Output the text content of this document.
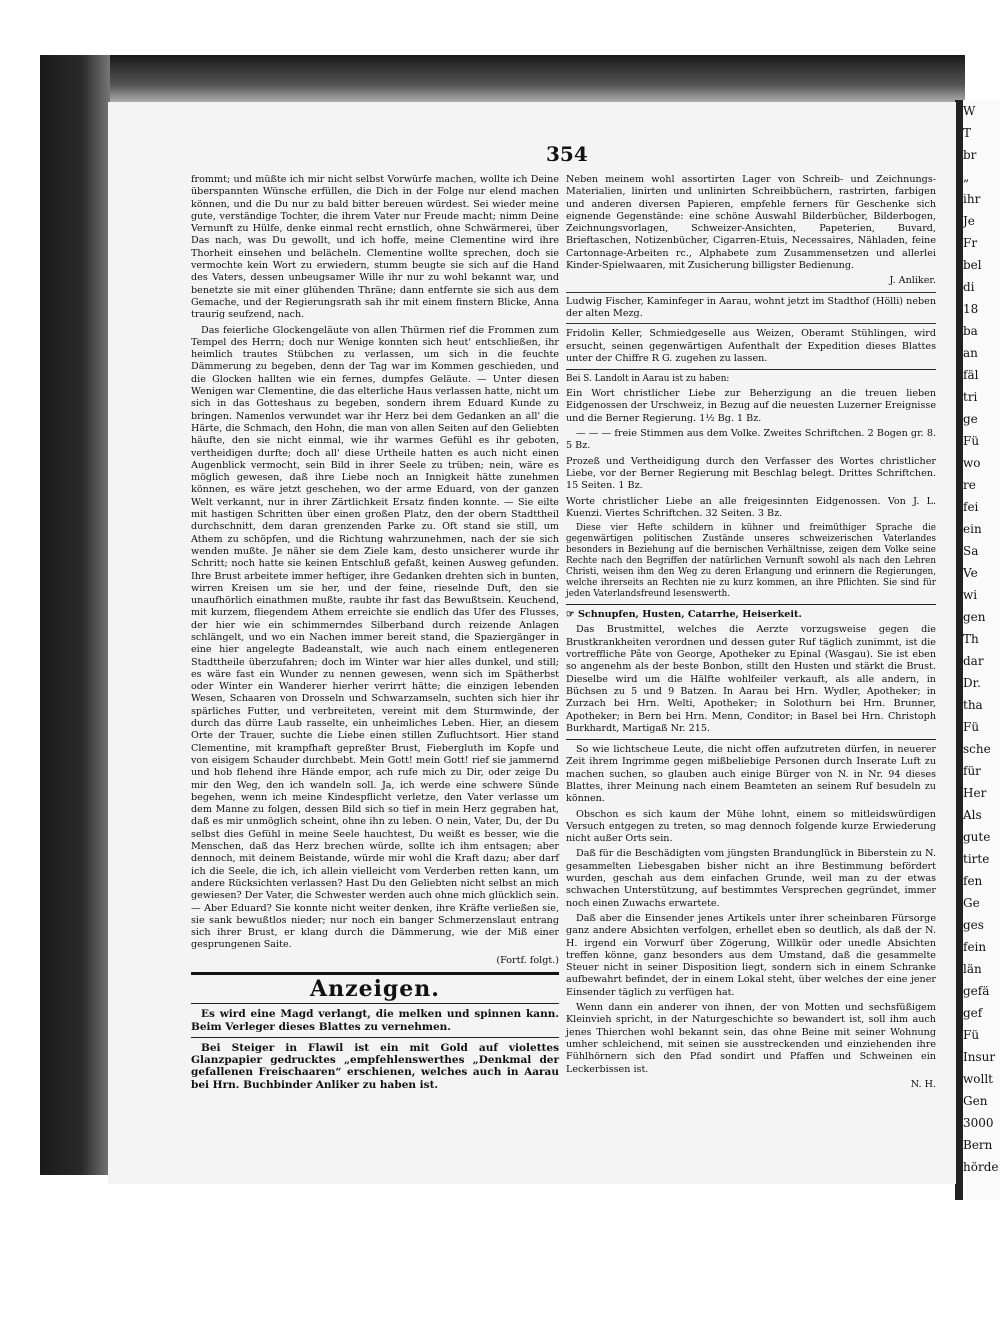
354

frommt; und müßte ich mir nicht selbst Vorwürfe machen, wollte ich Deine überspannten Wünsche erfüllen, die Dich in der Folge nur elend machen können, und die Du nur zu bald bitter bereuen würdest. Sei wieder meine gute, verständige Tochter, die ihrem Vater nur Freude macht; nimm Deine Vernunft zu Hülfe, denke einmal recht ernstlich, ohne Schwärmerei, über Das nach, was Du gewollt, und ich hoffe, meine Clementine wird ihre Thorheit einsehen und belächeln. Clementine wollte sprechen, doch sie vermochte kein Wort zu erwiedern, stumm beugte sie sich auf die Hand des Vaters, dessen unbeugsamer Wille ihr nur zu wohl bekannt war, und benetzte sie mit einer glühenden Thräne; dann entfernte sie sich aus dem Gemache, und der Regierungsrath sah ihr mit einem finstern Blicke, Anna traurig seufzend, nach.

Das feierliche Glockengeläute von allen Thürmen rief die Frommen zum Tempel des Herrn; doch nur Wenige konnten sich heut' entschließen, ihr heimlich trautes Stübchen zu verlassen, um sich in die feuchte Dämmerung zu begeben, denn der Tag war im Kommen geschieden, und die Glocken hallten wie ein fernes, dumpfes Geläute. — Unter diesen Wenigen war Clementine, die das elterliche Haus verlassen hatte, nicht um sich in das Gotteshaus zu begeben, sondern ihrem Eduard Kunde zu bringen. Namenlos verwundet war ihr Herz bei dem Gedanken an all' die Härte, die Schmach, den Hohn, die man von allen Seiten auf den Geliebten häufte, den sie nicht einmal, wie ihr warmes Gefühl es ihr geboten, vertheidigen durfte; doch all' diese Urtheile hatten es auch nicht einen Augenblick vermocht, sein Bild in ihrer Seele zu trüben; nein, wäre es möglich gewesen, daß ihre Liebe noch an Innigkeit hätte zunehmen können, es wäre jetzt geschehen, wo der arme Eduard, von der ganzen Welt verkannt, nur in ihrer Zärtlichkeit Ersatz finden konnte. — Sie eilte mit hastigen Schritten über einen großen Platz, den der obern Stadttheil durchschnitt, dem daran grenzenden Parke zu. Oft stand sie still, um Athem zu schöpfen, und die Richtung wahrzunehmen, nach der sie sich wenden mußte. Je näher sie dem Ziele kam, desto unsicherer wurde ihr Schritt; noch hatte sie keinen Entschluß gefaßt, keinen Ausweg gefunden. Ihre Brust arbeitete immer heftiger, ihre Gedanken drehten sich in bunten, wirren Kreisen um sie her, und der feine, rieselnde Duft, den sie unaufhörlich einathmen mußte, raubte ihr fast das Bewußtsein. Keuchend, mit kurzem, fliegendem Athem erreichte sie endlich das Ufer des Flusses, der hier wie ein schimmerndes Silberband durch reizende Anlagen schlängelt, und wo ein Nachen immer bereit stand, die Spaziergänger in eine hier angelegte Badeanstalt, wie auch nach einem entlegeneren Stadttheile überzufahren; doch im Winter war hier alles dunkel, und still; es wäre fast ein Wunder zu nennen gewesen, wenn sich im Spätherbst oder Winter ein Wanderer hierher verirrt hätte; die einzigen lebenden Wesen, Schaaren von Drosseln und Schwarzamseln, suchten sich hier ihr spärliches Futter, und verbreiteten, vereint mit dem Sturmwinde, der durch das dürre Laub rasselte, ein unheimliches Leben. Hier, an diesem Orte der Trauer, suchte die Liebe einen stillen Zufluchtsort. Hier stand Clementine, mit krampfhaft gepreßter Brust, Fiebergluth im Kopfe und von eisigem Schauder durchbebt. Mein Gott! mein Gott! rief sie jammernd und hob flehend ihre Hände empor, ach rufe mich zu Dir, oder zeige Du mir den Weg, den ich wandeln soll. Ja, ich werde eine schwere Sünde begehen, wenn ich meine Kindespflicht verletze, den Vater verlasse um dem Manne zu folgen, dessen Bild sich so tief in mein Herz gegraben hat, daß es mir unmöglich scheint, ohne ihn zu leben. O nein, Vater, Du, der Du selbst dies Gefühl in meine Seele hauchtest, Du weißt es besser, wie die Menschen, daß das Herz brechen würde, sollte ich ihm entsagen; aber dennoch, mit deinem Beistande, würde mir wohl die Kraft dazu; aber darf ich die Seele, die ich, ich allein vielleicht vom Verderben retten kann, um andere Rücksichten verlassen? Hast Du den Geliebten nicht selbst an mich gewiesen? Der Vater, die Schwester werden auch ohne mich glücklich sein. — Aber Eduard? Sie konnte nicht weiter denken, ihre Kräfte verließen sie, sie sank bewußtlos nieder; nur noch ein banger Schmerzenslaut entrang sich ihrer Brust, er klang durch die Dämmerung, wie der Miß einer gesprungenen Saite.

(Fortf. folgt.)
Anzeigen.

Es wird eine Magd verlangt, die melken und spinnen kann. Beim Verleger dieses Blattes zu vernehmen.

Bei Steiger in Flawil ist ein mit Gold auf violettes Glanzpapier gedrucktes „empfehlenswerthes „Denkmal der gefallenen Freischaaren“ erschienen, welches auch in Aarau bei Hrn. Buchbinder Anliker zu haben ist.

Neben meinem wohl assortirten Lager von Schreib- und Zeichnungs-Materialien, linirten und unlinirten Schreibbüchern, rastrirten, farbigen und anderen diversen Papieren, empfehle ferners für Geschenke sich eignende Gegenstände: eine schöne Auswahl Bilderbücher, Bilderbogen, Zeichnungsvorlagen, Schweizer-Ansichten, Papeterien, Buvard, Brieftaschen, Notizenbücher, Cigarren-Etuis, Necessaires, Nähladen, feine Cartonnage-Arbeiten rc., Alphabete zum Zusammensetzen und allerlei Kinder-Spielwaaren, mit Zusicherung billigster Bedienung.

J. Anliker.
Ludwig Fischer, Kaminfeger in Aarau, wohnt jetzt im Stadthof (Hölli) neben der alten Mezg.

Fridolin Keller, Schmiedgeselle aus Weizen, Oberamt Stühlingen, wird ersucht, seinen gegenwärtigen Aufenthalt der Expedition dieses Blattes unter der Chiffre R G. zugehen zu lassen.

Bei S. Landolt in Aarau ist zu haben:

Ein Wort christlicher Liebe zur Beherzigung an die treuen lieben Eidgenossen der Urschweiz, in Bezug auf die neuesten Luzerner Ereignisse und die Berner Regierung. 1½ Bg. 1 Bz.

— — — freie Stimmen aus dem Volke. Zweites Schriftchen. 2 Bogen gr. 8. 5 Bz.

Prozeß und Vertheidigung durch den Verfasser des Wortes christlicher Liebe, vor der Berner Regierung mit Beschlag belegt. Drittes Schriftchen. 15 Seiten. 1 Bz.

Worte christlicher Liebe an alle freigesinnten Eidgenossen. Von J. L. Kuenzi. Viertes Schriftchen. 32 Seiten. 3 Bz.

Diese vier Hefte schildern in kühner und freimüthiger Sprache die gegenwärtigen politischen Zustände unseres schweizerischen Vaterlandes besonders in Beziehung auf die bernischen Verhältnisse, zeigen dem Volke seine Rechte nach den Begriffen der natürlichen Vernunft sowohl als nach den Lehren Christi, weisen ihm den Weg zu deren Erlangung und erinnern die Regierungen, welche ihrerseits an Rechten nie zu kurz kommen, an ihre Pflichten. Sie sind für jeden Vaterlandsfreund lesenswerth.

☞ Schnupfen, Husten, Catarrhe, Heiserkeit.

Das Brustmittel, welches die Aerzte vorzugsweise gegen die Brustkrankheiten verordnen und dessen guter Ruf täglich zunimmt, ist die vortreffliche Pâte von George, Apotheker zu Epinal (Wasgau). Sie ist eben so angenehm als der beste Bonbon, stillt den Husten und stärkt die Brust. Dieselbe wird um die Hälfte wohlfeiler verkauft, als alle andern, in Büchsen zu 5 und 9 Batzen. In Aarau bei Hrn. Wydler, Apotheker; in Zurzach bei Hrn. Welti, Apotheker; in Solothurn bei Hrn. Brunner, Apotheker; in Bern bei Hrn. Menn, Conditor; in Basel bei Hrn. Christoph Burkhardt, Martigaß Nr. 215.

So wie lichtscheue Leute, die nicht offen aufzutreten dürfen, in neuerer Zeit ihrem Ingrimme gegen mißbeliebige Personen durch Inserate Luft zu machen suchen, so glauben auch einige Bürger von N. in Nr. 94 dieses Blattes, ihrer Meinung nach einem Beamteten an seinem Ruf besudeln zu können.

Obschon es sich kaum der Mühe lohnt, einem so mitleidswürdigen Versuch entgegen zu treten, so mag dennoch folgende kurze Erwiederung nicht außer Orts sein.

Daß für die Beschädigten vom jüngsten Brandunglück in Biberstein zu N. gesammelten Liebesgaben bisher nicht an ihre Bestimmung befördert wurden, geschah aus dem einfachen Grunde, weil man zu der etwas schwachen Unterstützung, auf bestimmtes Versprechen gegründet, immer noch einen Zuwachs erwartete.

Daß aber die Einsender jenes Artikels unter ihrer scheinbaren Fürsorge ganz andere Absichten verfolgen, erhellet eben so deutlich, als daß der N. H. irgend ein Vorwurf über Zögerung, Willkür oder unedle Absichten treffen könne, ganz besonders aus dem Umstand, daß die gesammelte Steuer nicht in seiner Disposition liegt, sondern sich in einem Schranke aufbewahrt befindet, der in einem Lokal steht, über welches der eine jener Einsender täglich zu verfügen hat.

Wenn dann ein anderer von ihnen, der von Motten und sechsfüßigem Kleinvieh spricht, in der Naturgeschichte so bewandert ist, soll ihm auch jenes Thierchen wohl bekannt sein, das ohne Beine mit seiner Wohnung umher schleichend, mit seinen sie ausstreckenden und einziehenden ihre Fühlhörnern sich den Pfad sondirt und Pfaffen und Schweinen ein Leckerbissen ist.

N. H.
W
T
br
„
ihr
Je
Fr
bel
di
18
ba
an
fäl
tri
ge
Fü
wo
re
fei
ein
Sa
Ve
wi
gen
Th
dar
Dr.
tha
Fü
sche
für
Her
Als
gute
tirte
fen
Ge
ges
fein
län
gefä
gef
Fü
Insur
wollt
Gen
3000
Bern
hörde
